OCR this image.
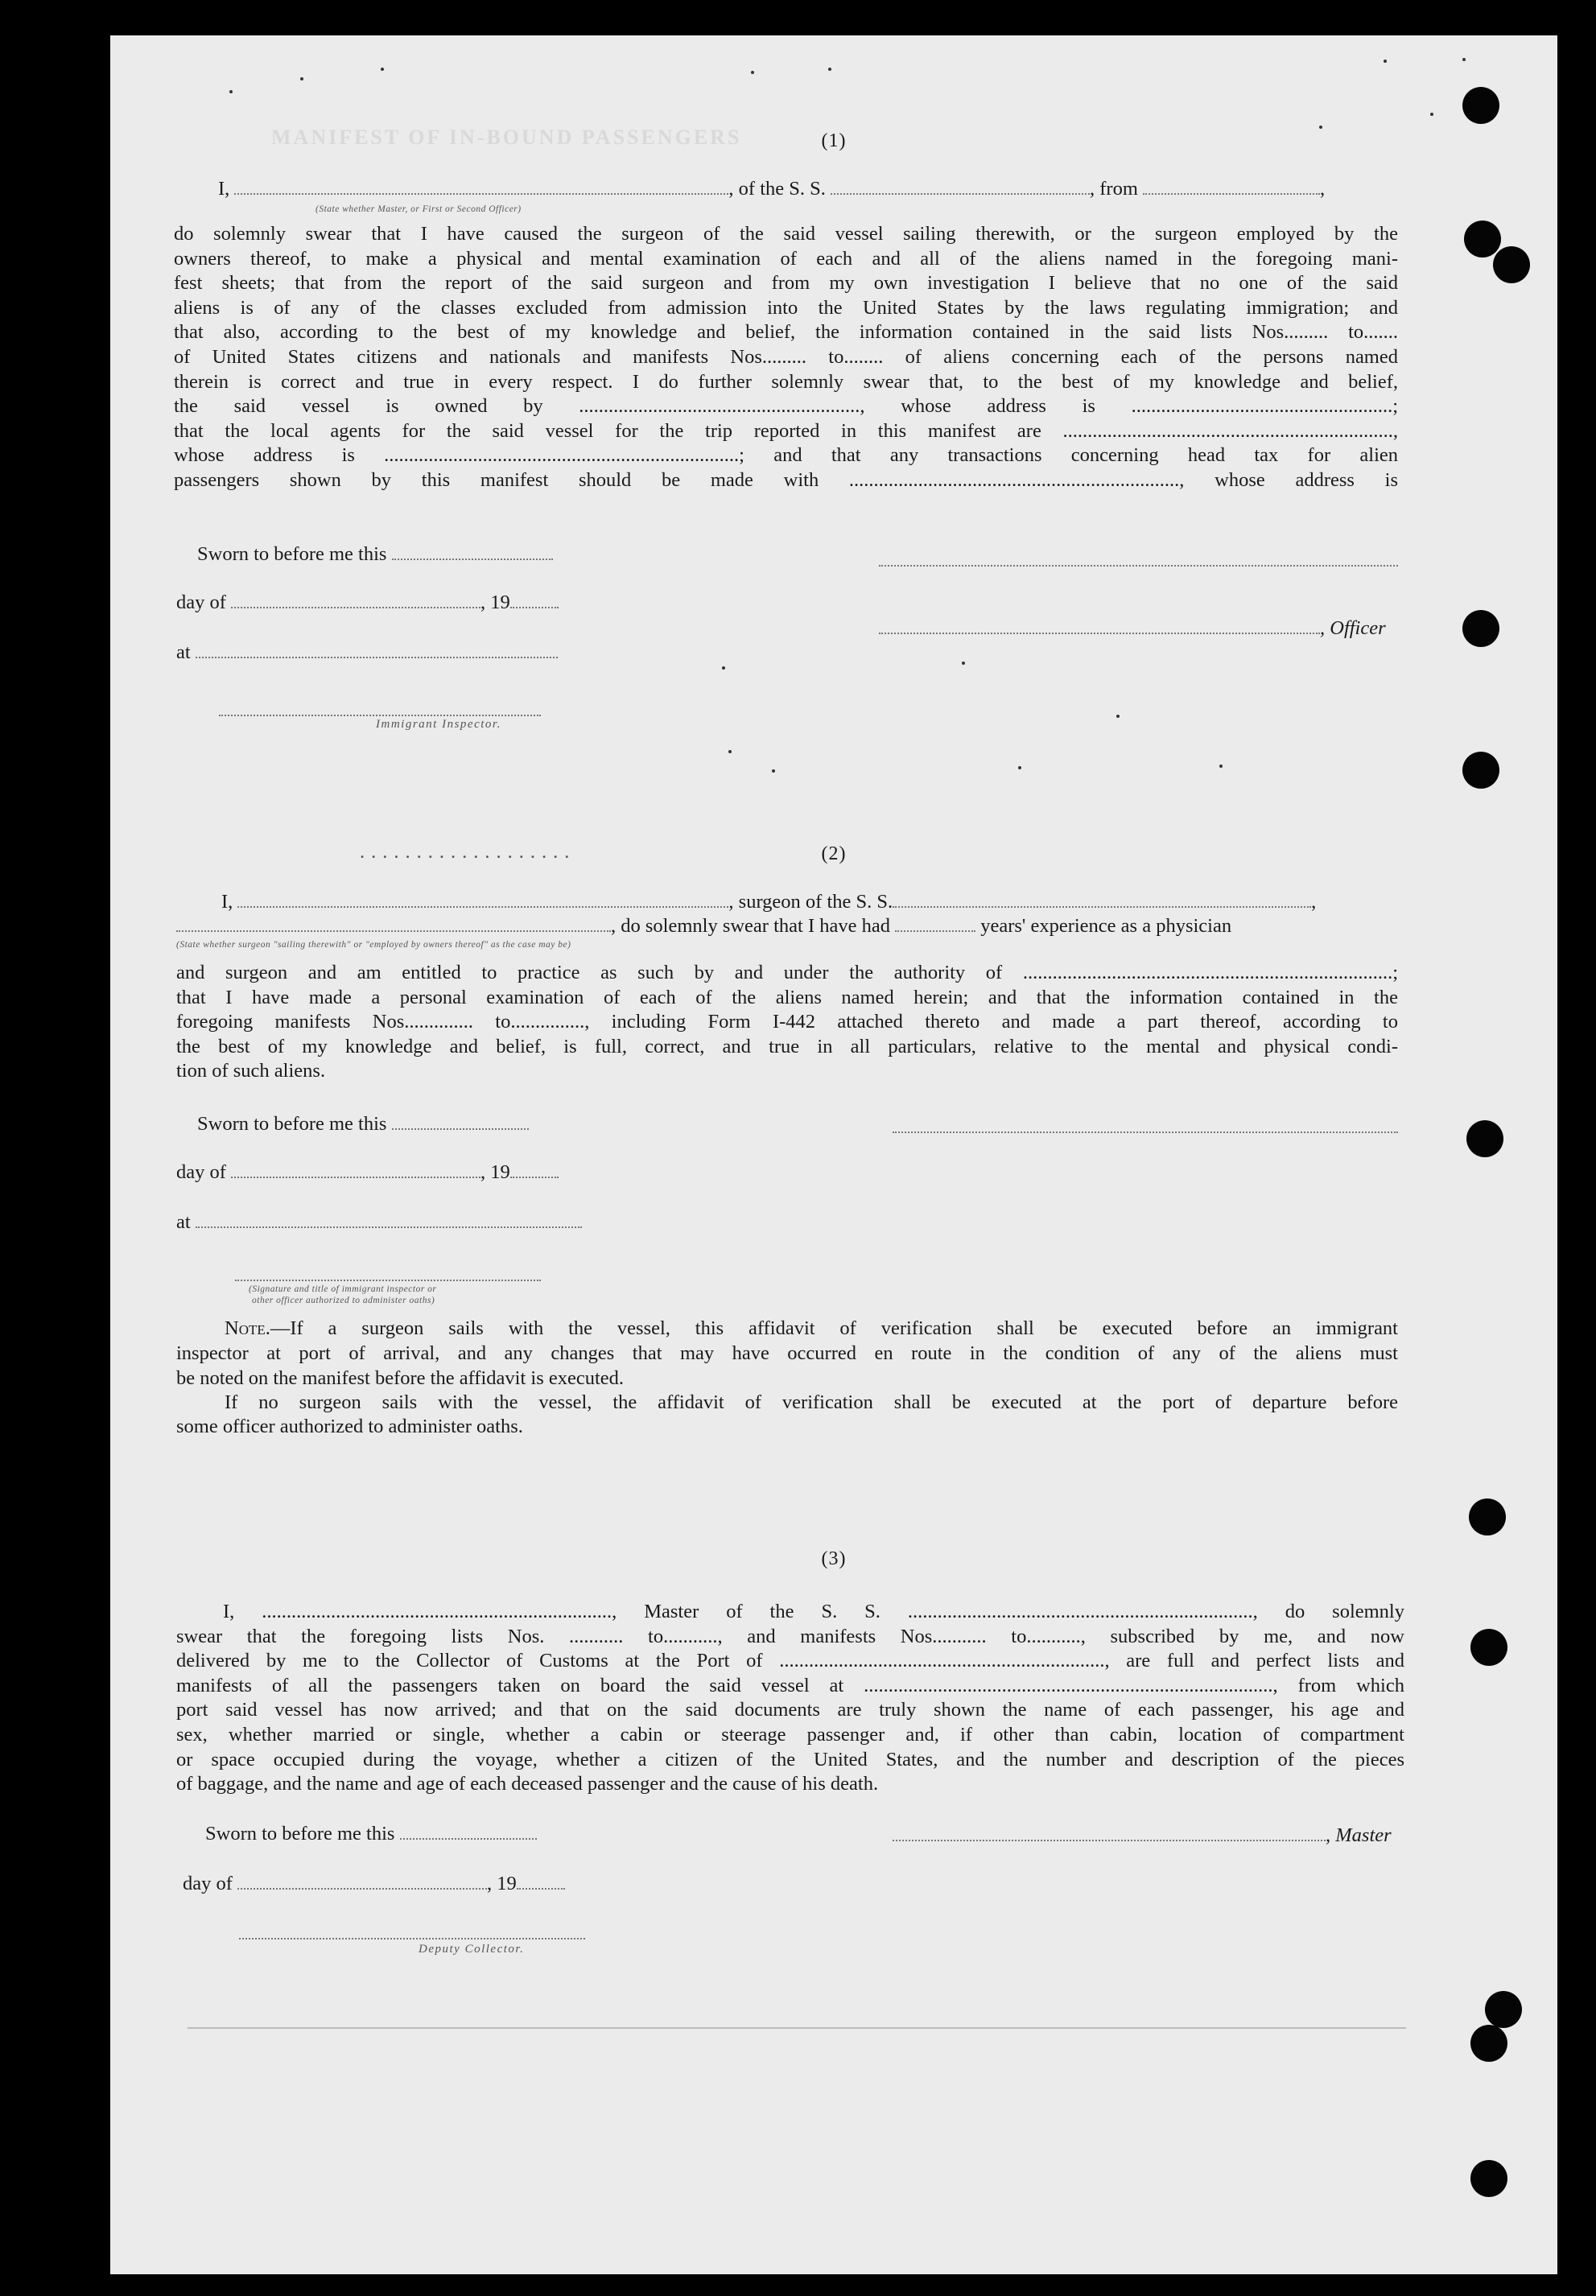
MANIFEST OF IN-BOUND PASSENGERS	(1)
I,	, of the S. S.	, from	,
(State whether Master, or First or Second Officer)

do solemnly swear that I have caused the surgeon of the said vessel sailing therewith, or the surgeon employed by the

owners thereof, to make a physical and mental examination of each and all of the aliens named in the foregoing mani-

fest sheets; that from the report of the said surgeon and from my own investigation I believe that no one of the said

aliens is of any of the classes excluded from admission into the United States by the laws regulating immigration; and

that also, according to the best of my knowledge and belief, the information contained in the said lists Nos......... to.......

of United States citizens and nationals and manifests Nos......... to........ of aliens concerning each of the persons named

therein is correct and true in every respect. I do further solemnly swear that, to the best of my knowledge and belief,

the said vessel is owned by ........................................................., whose address is .....................................................;

that the local agents for the said vessel for the trip reported in this manifest are ...................................................................,

whose address is ........................................................................; and that any transactions concerning head tax for alien

passengers shown by this manifest should be made with ..................................................................., whose address is

Sworn to before me this
day of	, 19
, Officer
at
Immigrant Inspector.
(2)
...................
I,	, surgeon of the S. S.	,
, do solemnly swear that I have had	years' experience as a physician
(State whether surgeon "sailing therewith" or "employed by owners thereof" as the case may be)

and surgeon and am entitled to practice as such by and under the authority of ...........................................................................;

that I have made a personal examination of each of the aliens named herein; and that the information contained in the

foregoing manifests Nos.............. to..............., including Form I-442 attached thereto and made a part thereof, according to

the best of my knowledge and belief, is full, correct, and true in all particulars, relative to the mental and physical condi-

tion of such aliens.
Sworn to before me this
day of	, 19
at
(Signature and title of immigrant inspector or
other officer authorized to administer oaths)

Note.—If a surgeon sails with the vessel, this affidavit of verification shall be executed before an immigrant

inspector at port of arrival, and any changes that may have occurred en route in the condition of any of the aliens must

be noted on the manifest before the affidavit is executed.

If no surgeon sails with the vessel, the affidavit of verification shall be executed at the port of departure before

some officer authorized to administer oaths.
(3)

I, ......................................................................., Master of the S. S. ......................................................................, do solemnly

swear that the foregoing lists Nos. ........... to..........., and manifests Nos........... to..........., subscribed by me, and now

delivered by me to the Collector of Customs at the Port of .................................................................., are full and perfect lists and

manifests of all the passengers taken on board the said vessel at ..................................................................................., from which

port said vessel has now arrived; and that on the said documents are truly shown the name of each passenger, his age and

sex, whether married or single, whether a cabin or steerage passenger and, if other than cabin, location of compartment

or space occupied during the voyage, whether a citizen of the United States, and the number and description of the pieces

of baggage, and the name and age of each deceased passenger and the cause of his death.
Sworn to before me this	, Master
day of	, 19
Deputy Collector.
